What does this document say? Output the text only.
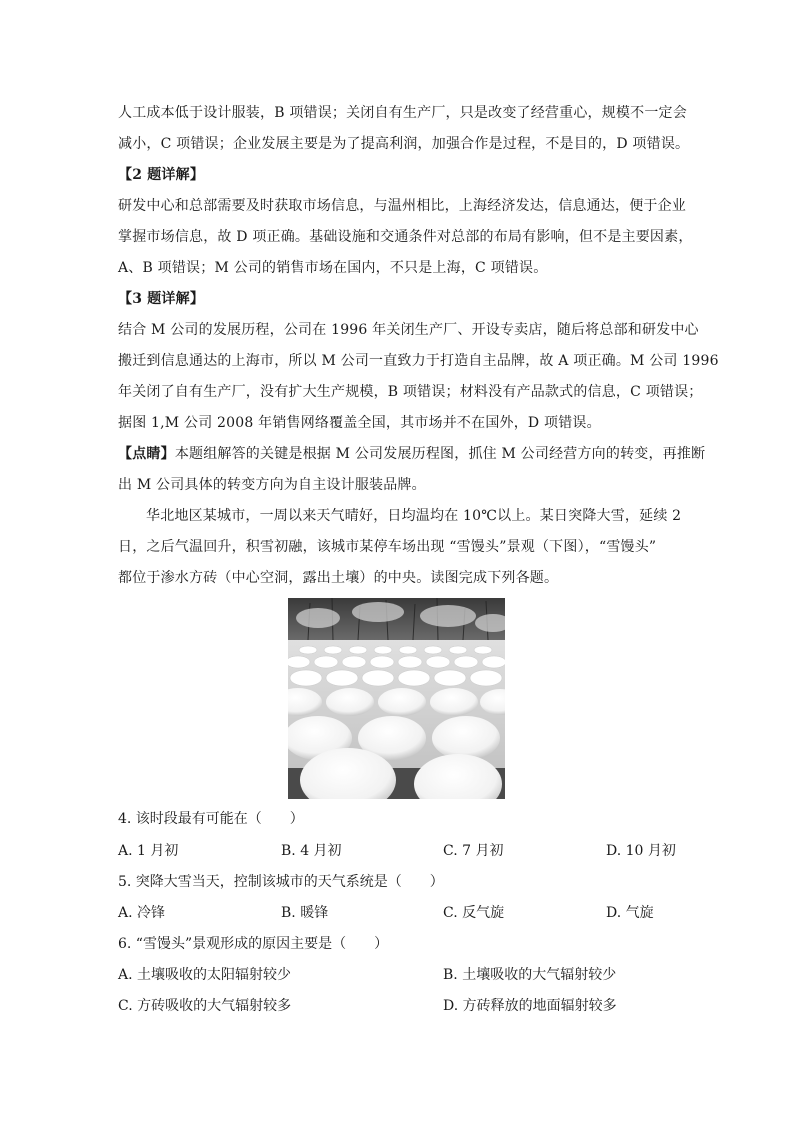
人工成本低于设计服装，B 项错误；关闭自有生产厂，只是改变了经营重心，规模不一定会
减小，C 项错误；企业发展主要是为了提高利润，加强合作是过程，不是目的，D 项错误。
【2 题详解】
研发中心和总部需要及时获取市场信息，与温州相比，上海经济发达，信息通达，便于企业
掌握市场信息，故 D 项正确。基础设施和交通条件对总部的布局有影响，但不是主要因素，
A、B 项错误；M 公司的销售市场在国内，不只是上海，C 项错误。
【3 题详解】
结合 M 公司的发展历程，公司在 1996 年关闭生产厂、开设专卖店，随后将总部和研发中心
搬迁到信息通达的上海市，所以 M 公司一直致力于打造自主品牌，故 A 项正确。M 公司 1996
年关闭了自有生产厂，没有扩大生产规模，B 项错误；材料没有产品款式的信息，C 项错误；
据图 1,M 公司 2008 年销售网络覆盖全国，其市场并不在国外，D 项错误。
【点睛】本题组解答的关键是根据 M 公司发展历程图，抓住 M 公司经营方向的转变，再推断
出 M 公司具体的转变方向为自主设计服装品牌。
华北地区某城市，一周以来天气晴好，日均温均在 10℃以上。某日突降大雪，延续 2
日，之后气温回升，积雪初融，该城市某停车场出现 “雪馒头”景观（下图），“雪馒头”
都位于渗水方砖（中心空洞，露出土壤）的中央。读图完成下列各题。
4. 该时段最有可能在（　　）
A. 1 月初	B. 4 月初	C. 7 月初	D. 10 月初
5. 突降大雪当天，控制该城市的天气系统是（　　）
A. 冷锋	B. 暖锋	C. 反气旋	D. 气旋
6. “雪馒头”景观形成的原因主要是（　　）
A. 土壤吸收的太阳辐射较少	B. 土壤吸收的大气辐射较少
C. 方砖吸收的大气辐射较多	D. 方砖释放的地面辐射较多
